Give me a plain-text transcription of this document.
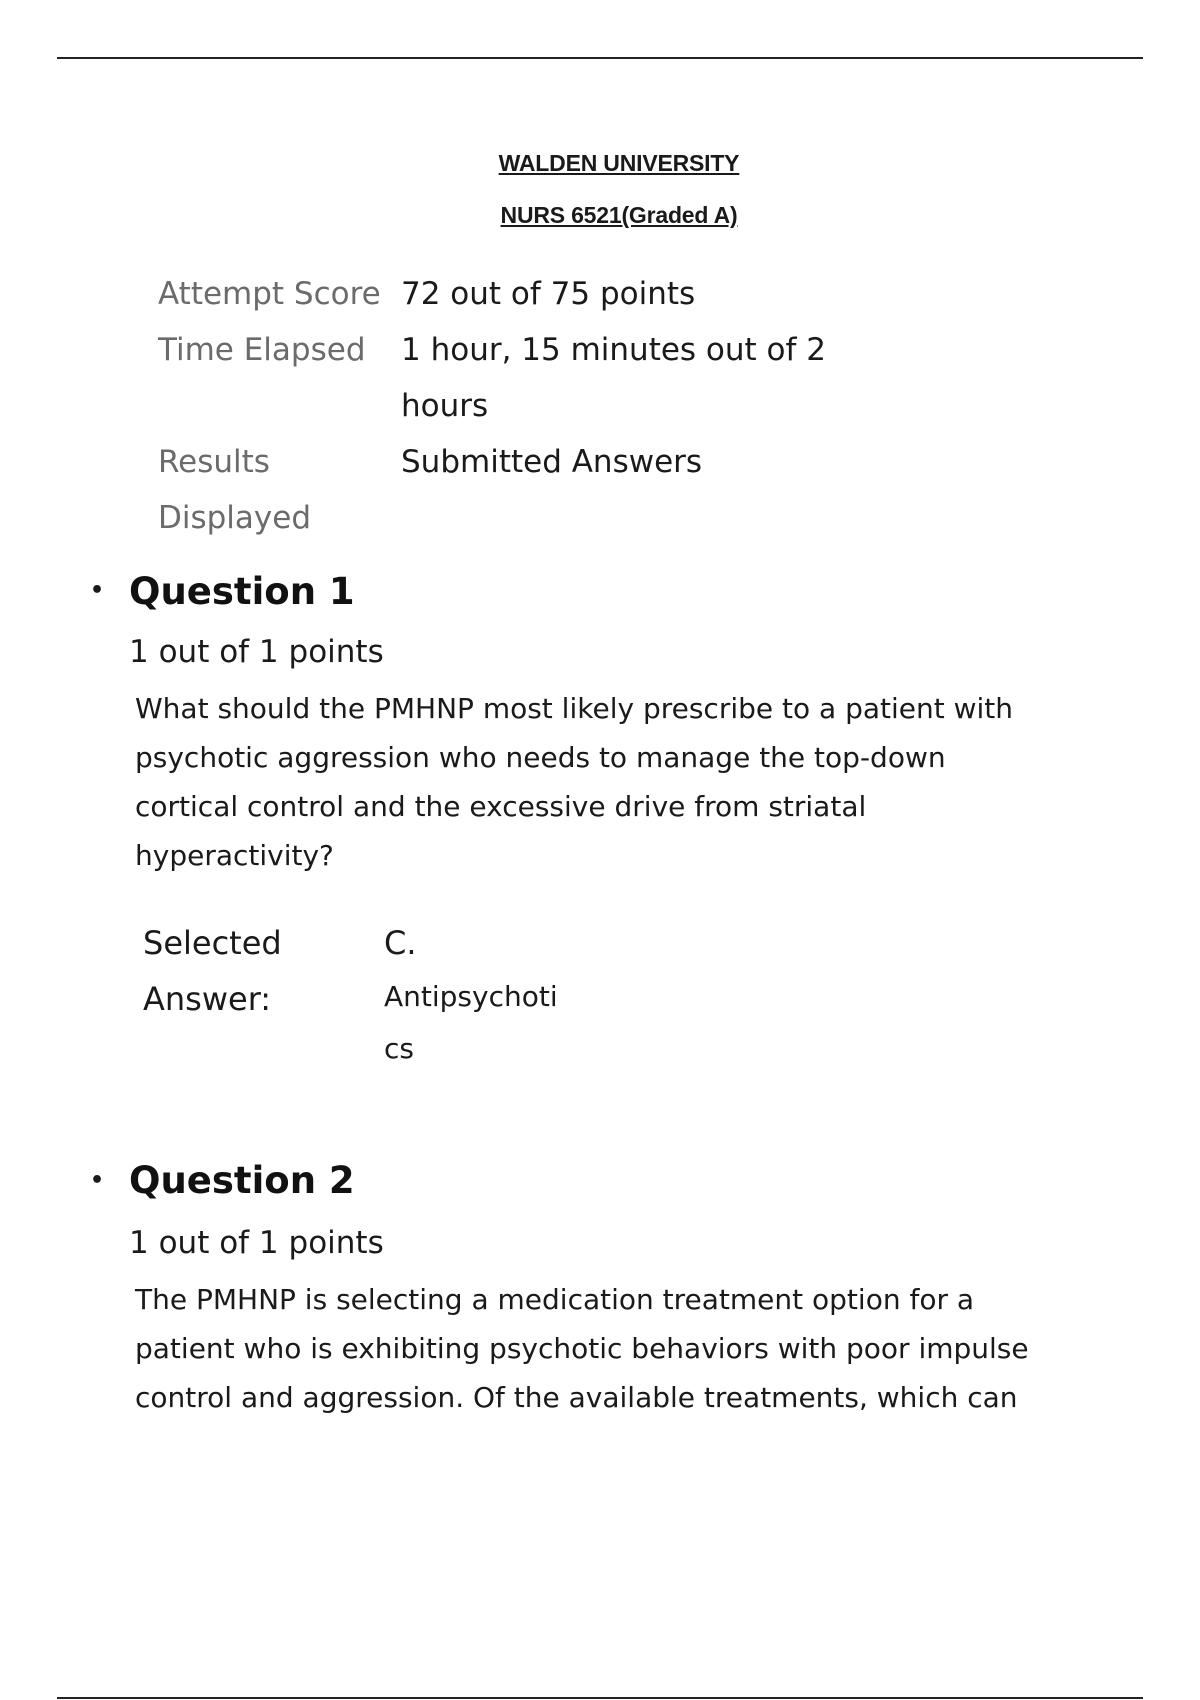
WALDEN UNIVERSITY
NURS 6521(Graded A)
Attempt Score 72 out of 75 points
Time Elapsed	1 hour, 15 minutes out of 2 hours
Results Displayed
Submitted Answers
• Question 1
1 out of 1 points
What should the PMHNP most likely prescribe to a patient with psychotic aggression who needs to manage the top-down cortical control and the excessive drive from striatal hyperactivity?
Selected Answer:
C.
Antipsychotics
• Question 2
1 out of 1 points
The PMHNP is selecting a medication treatment option for a patient who is exhibiting psychotic behaviors with poor impulse control and aggression. Of the available treatments, which can
